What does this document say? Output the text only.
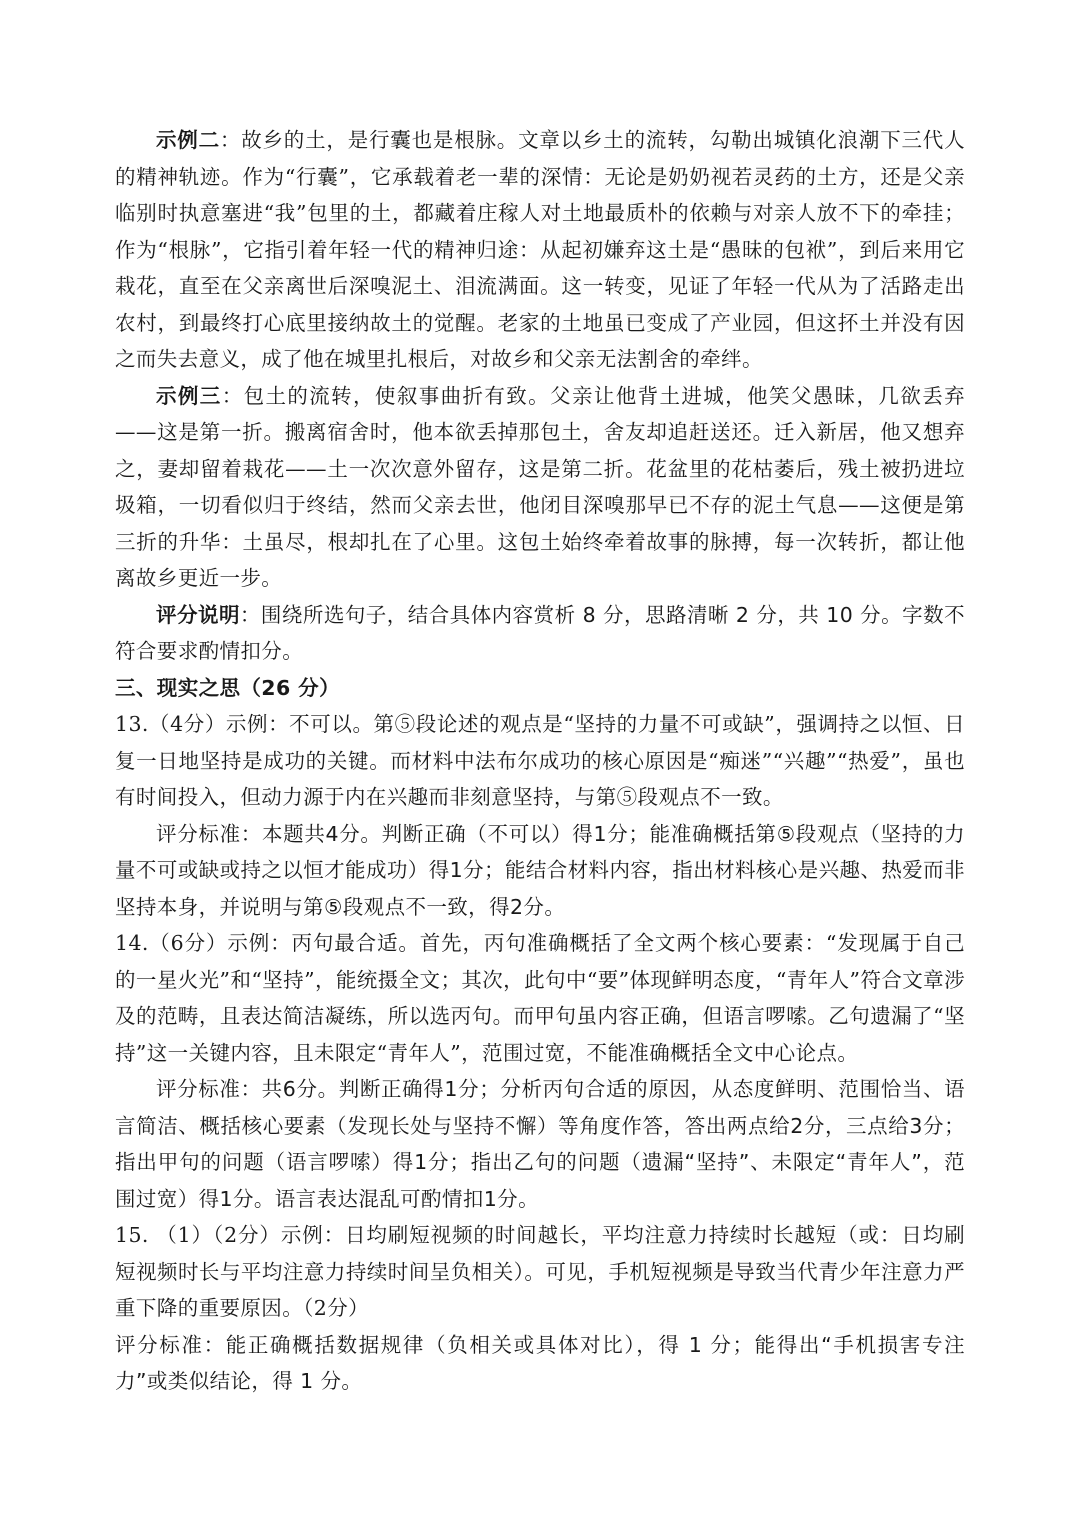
示例二：故乡的土，是行囊也是根脉。文章以乡土的流转，勾勒出城镇化浪潮下三代人的精神轨迹。作为“行囊”，它承载着老一辈的深情：无论是奶奶视若灵药的土方，还是父亲临别时执意塞进“我”包里的土，都藏着庄稼人对土地最质朴的依赖与对亲人放不下的牵挂；作为“根脉”，它指引着年轻一代的精神归途：从起初嫌弃这土是“愚昧的包袱”，到后来用它栽花，直至在父亲离世后深嗅泥土、泪流满面。这一转变，见证了年轻一代从为了活路走出农村，到最终打心底里接纳故土的觉醒。老家的土地虽已变成了产业园，但这抔土并没有因之而失去意义，成了他在城里扎根后，对故乡和父亲无法割舍的牵绊。

示例三：包土的流转，使叙事曲折有致。父亲让他背土进城，他笑父愚昧，几欲丢弃——这是第一折。搬离宿舍时，他本欲丢掉那包土，舍友却追赶送还。迁入新居，他又想弃之，妻却留着栽花——土一次次意外留存，这是第二折。花盆里的花枯萎后，残土被扔进垃圾箱，一切看似归于终结，然而父亲去世，他闭目深嗅那早已不存的泥土气息——这便是第三折的升华：土虽尽，根却扎在了心里。这包土始终牵着故事的脉搏，每一次转折，都让他离故乡更近一步。

评分说明：围绕所选句子，结合具体内容赏析 8 分，思路清晰 2 分，共 10 分。字数不符合要求酌情扣分。

三、现实之思（26 分）

13.（4分）示例：不可以。第⑤段论述的观点是“坚持的力量不可或缺”，强调持之以恒、日复一日地坚持是成功的关键。而材料中法布尔成功的核心原因是“痴迷”“兴趣”“热爱”，虽也有时间投入，但动力源于内在兴趣而非刻意坚持，与第⑤段观点不一致。

评分标准：本题共4分。判断正确（不可以）得1分；能准确概括第⑤段观点（坚持的力量不可或缺或持之以恒才能成功）得1分；能结合材料内容，指出材料核心是兴趣、热爱而非坚持本身，并说明与第⑤段观点不一致，得2分。

14.（6分）示例：丙句最合适。首先，丙句准确概括了全文两个核心要素：“发现属于自己的一星火光”和“坚持”，能统摄全文；其次，此句中“要”体现鲜明态度，“青年人”符合文章涉及的范畴，且表达简洁凝练，所以选丙句。而甲句虽内容正确，但语言啰嗦。乙句遗漏了“坚持”这一关键内容，且未限定“青年人”，范围过宽，不能准确概括全文中心论点。

评分标准：共6分。判断正确得1分；分析丙句合适的原因，从态度鲜明、范围恰当、语言简洁、概括核心要素（发现长处与坚持不懈）等角度作答，答出两点给2分，三点给3分；指出甲句的问题（语言啰嗦）得1分；指出乙句的问题（遗漏“坚持”、未限定“青年人”，范围过宽）得1分。语言表达混乱可酌情扣1分。

15. （1）（2分）示例：日均刷短视频的时间越长，平均注意力持续时长越短（或：日均刷短视频时长与平均注意力持续时间呈负相关）。可见，手机短视频是导致当代青少年注意力严重下降的重要原因。（2分）

评分标准：能正确概括数据规律（负相关或具体对比），得 1 分；能得出“手机损害专注力”或类似结论，得 1 分。
